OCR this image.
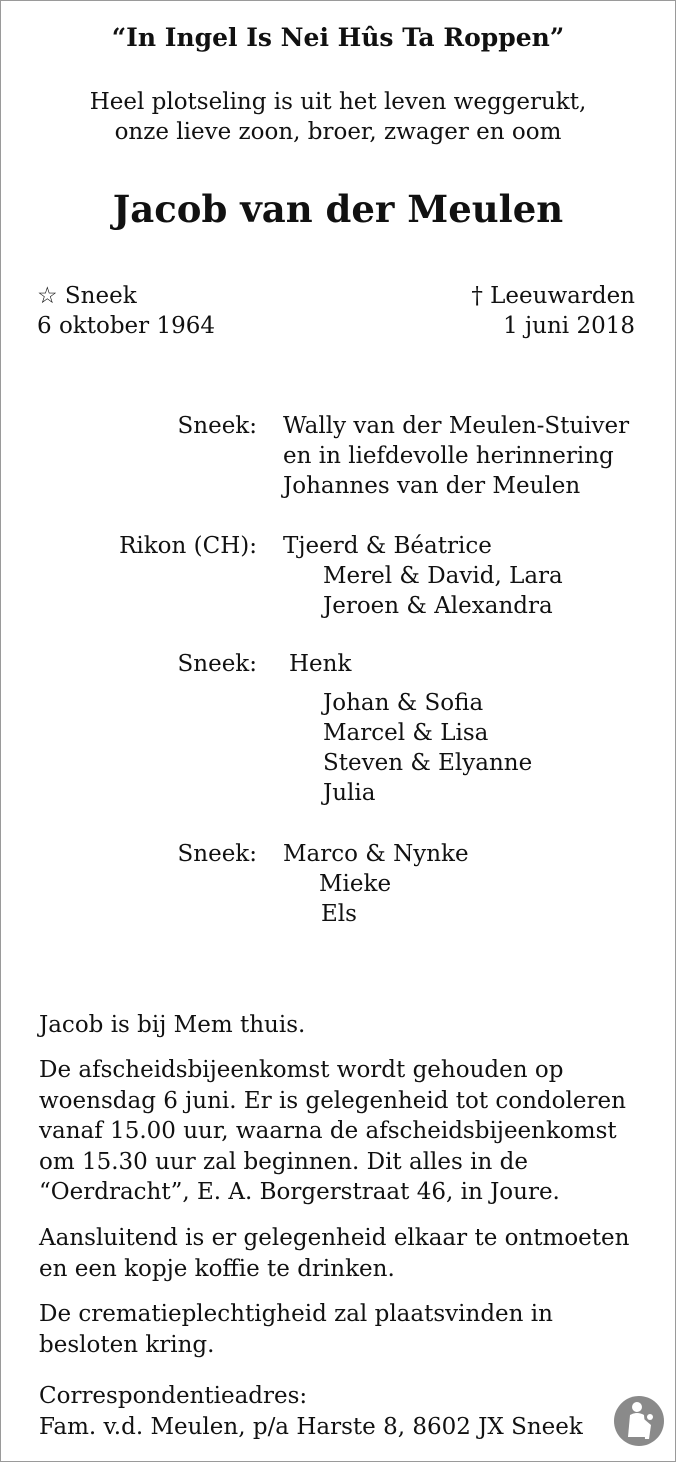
“In Ingel Is Nei Hûs Ta Roppen”
Heel plotseling is uit het leven weggerukt,
onze lieve zoon, broer, zwager en oom
Jacob van der Meulen
☆ Sneek
6 oktober 1964
† Leeuwarden
1 juni 2018
Sneek: Wally van der Meulen-Stuiver
en in liefdevolle herinnering
Johannes van der Meulen
Rikon (CH): Tjeerd & Béatrice
Merel & David, Lara
Jeroen & Alexandra
Sneek: Henk
Johan & Sofia
Marcel & Lisa
Steven & Elyanne
Julia
Sneek: Marco & Nynke
Mieke
Els
Jacob is bij Mem thuis.
De afscheidsbijeenkomst wordt gehouden op
woensdag 6 juni. Er is gelegenheid tot condoleren
vanaf 15.00 uur, waarna de afscheidsbijeenkomst
om 15.30 uur zal beginnen. Dit alles in de
“Oerdracht”, E. A. Borgerstraat 46, in Joure.
Aansluitend is er gelegenheid elkaar te ontmoeten
en een kopje koffie te drinken.
De crematieplechtigheid zal plaatsvinden in
besloten kring.
Correspondentieadres:
Fam. v.d. Meulen, p/a Harste 8, 8602 JX Sneek
